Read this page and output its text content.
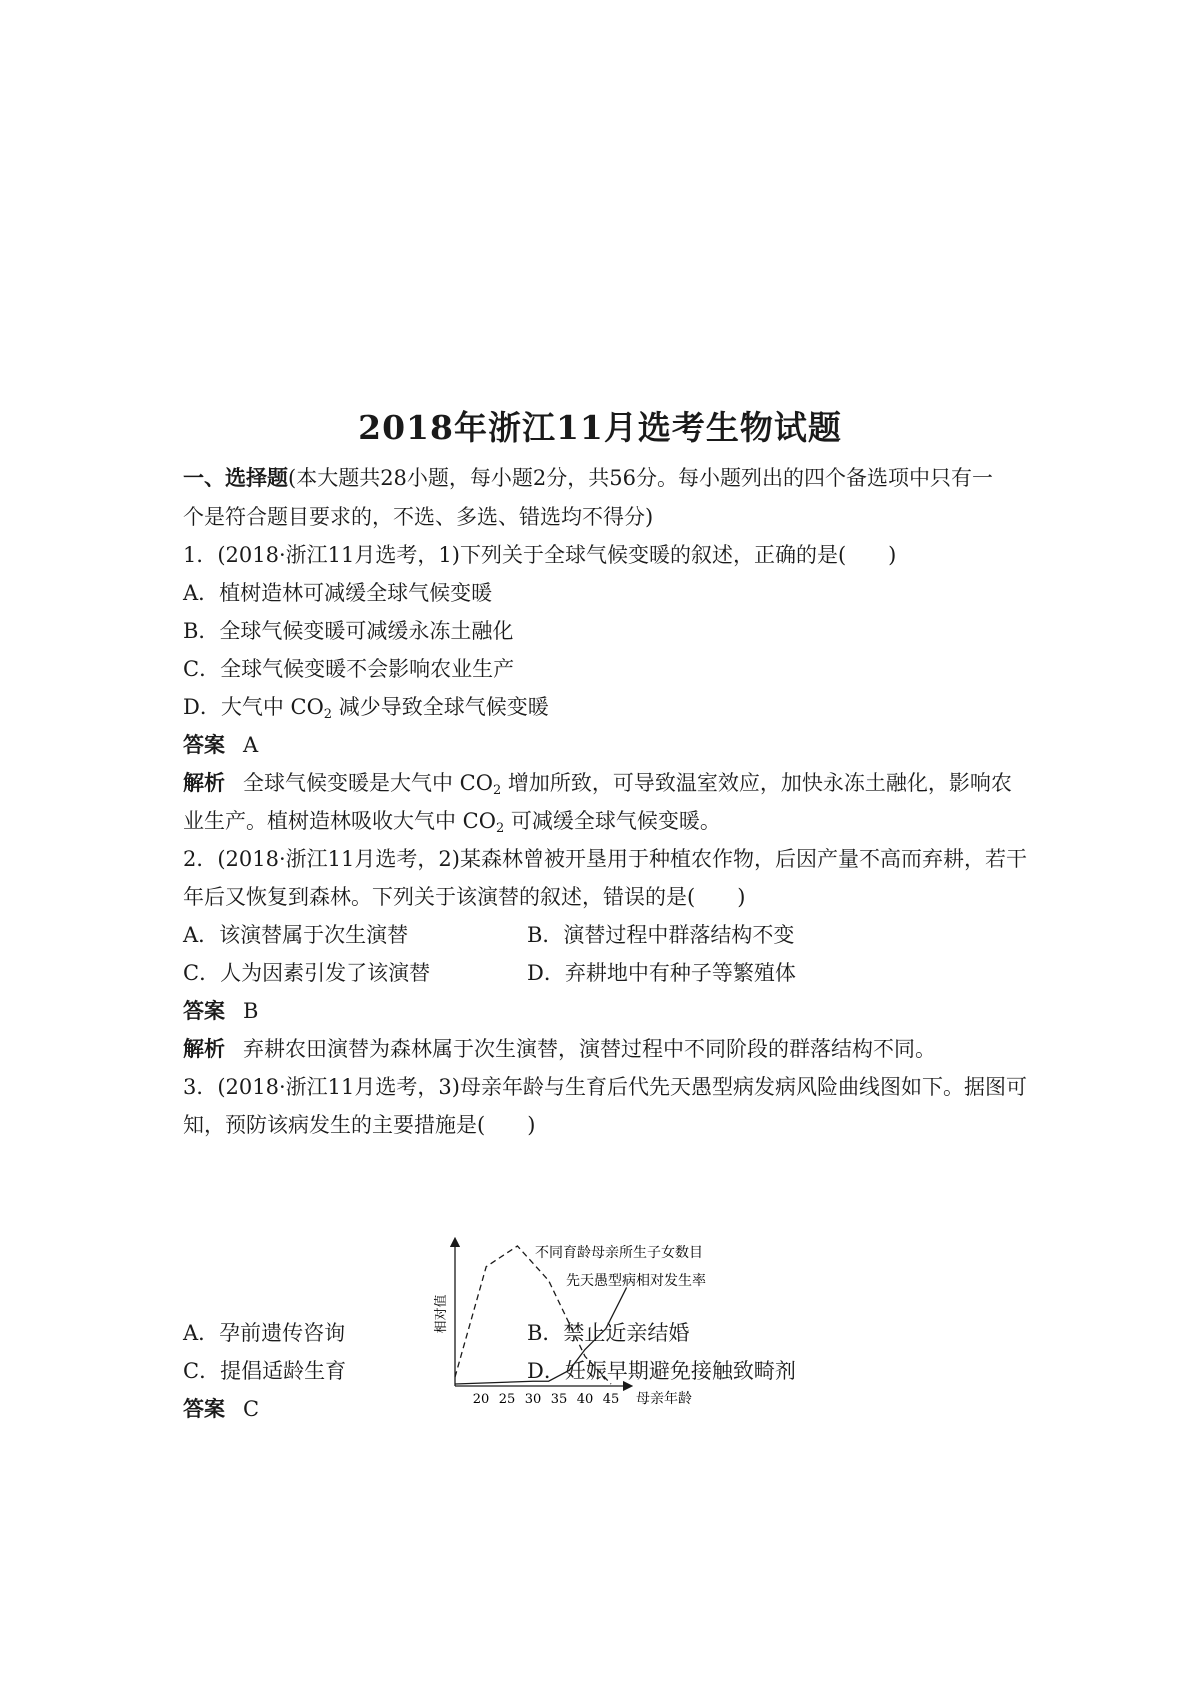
2018年浙江11月选考生物试题
一、选择题(本大题共28小题，每小题2分，共56分。每小题列出的四个备选项中只有一
个是符合题目要求的，不选、多选、错选均不得分)
1．(2018·浙江11月选考，1)下列关于全球气候变暖的叙述，正确的是(　　)
A．植树造林可减缓全球气候变暖
B．全球气候变暖可减缓永冻土融化
C．全球气候变暖不会影响农业生产
D．大气中 $CO_2$ 减少导致全球气候变暖
答案 A
解析 全球气候变暖是大气中 $CO_2$ 增加所致，可导致温室效应，加快永冻土融化，影响农
业生产。植树造林吸收大气中 $CO_2$ 可减缓全球气候变暖。
2．(2018·浙江11月选考，2)某森林曾被开垦用于种植农作物，后因产量不高而弃耕，若干
年后又恢复到森林。下列关于该演替的叙述，错误的是(　　)
A．该演替属于次生演替	B．演替过程中群落结构不变
C．人为因素引发了该演替	D．弃耕地中有种子等繁殖体
答案 B
解析 弃耕农田演替为森林属于次生演替，演替过程中不同阶段的群落结构不同。
3．(2018·浙江11月选考，3)母亲年龄与生育后代先天愚型病发病风险曲线图如下。据图可
知，预防该病发生的主要措施是(　　)
相对值
母亲年龄
20 25 30 35 40 45
不同育龄母亲所生子女数目
先天愚型病相对发生率
A．孕前遗传咨询	B．禁止近亲结婚
C．提倡适龄生育	D．妊娠早期避免接触致畸剂
答案 C
